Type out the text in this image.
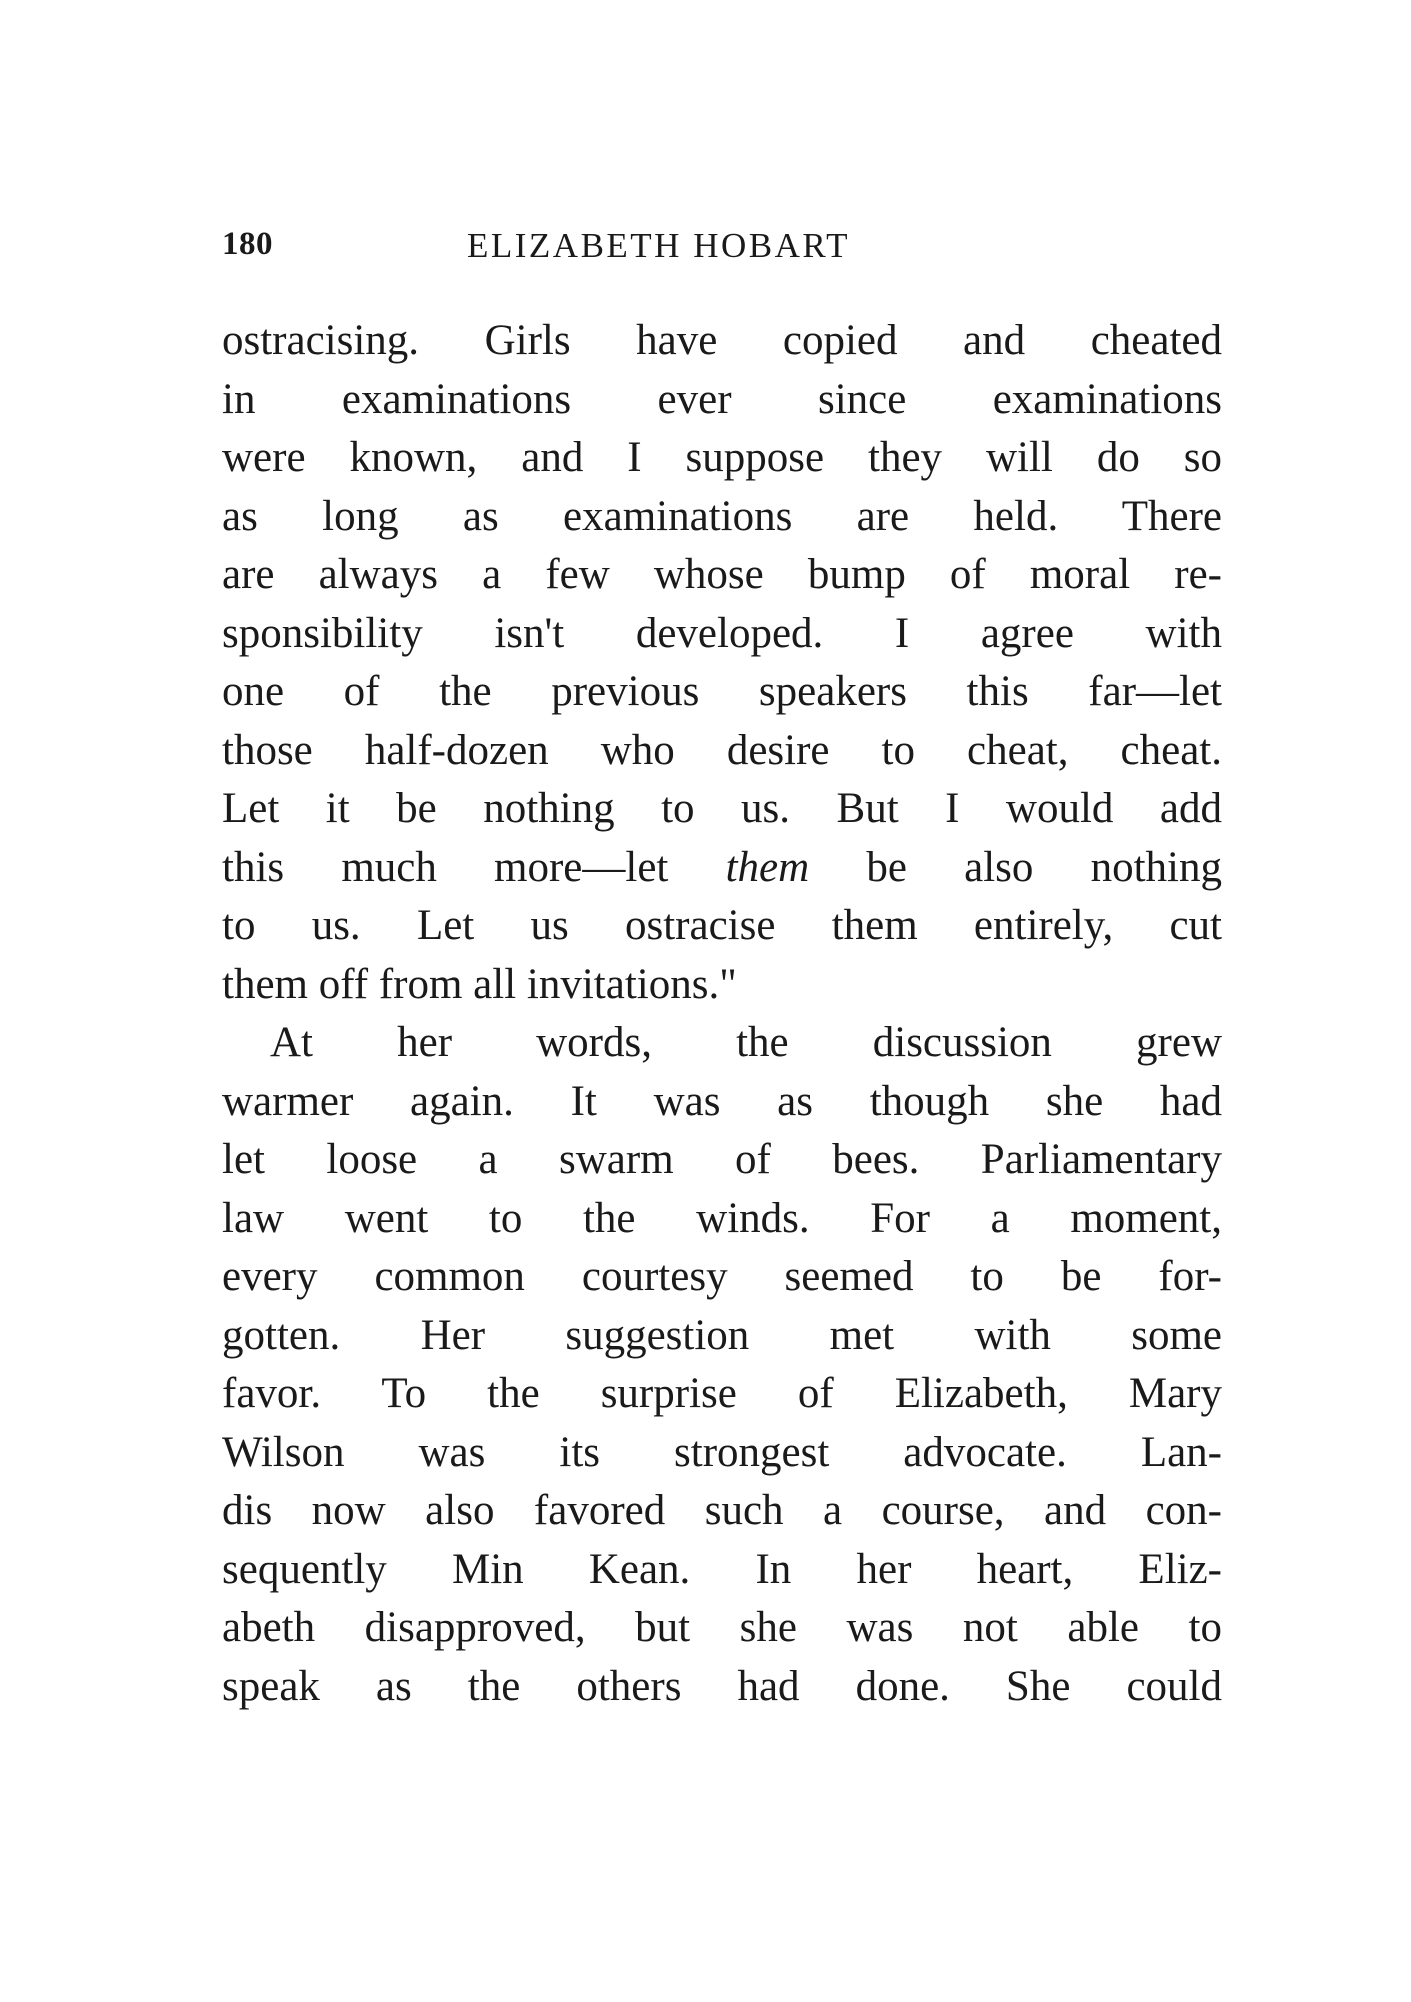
180	ELIZABETH HOBART
ostracising. Girls have copied and cheated
in examinations ever since examinations
were known, and I suppose they will do so
as long as examinations are held. There
are always a few whose bump of moral re-
sponsibility isn't developed. I agree with
one of the previous speakers this far—let
those half-dozen who desire to cheat, cheat.
Let it be nothing to us. But I would add
this much more—let them be also nothing
to us. Let us ostracise them entirely, cut
them off from all invitations."
At her words, the discussion grew
warmer again. It was as though she had
let loose a swarm of bees. Parliamentary
law went to the winds. For a moment,
every common courtesy seemed to be for-
gotten. Her suggestion met with some
favor. To the surprise of Elizabeth, Mary
Wilson was its strongest advocate. Lan-
dis now also favored such a course, and con-
sequently Min Kean. In her heart, Eliz-
abeth disapproved, but she was not able to
speak as the others had done. She could
